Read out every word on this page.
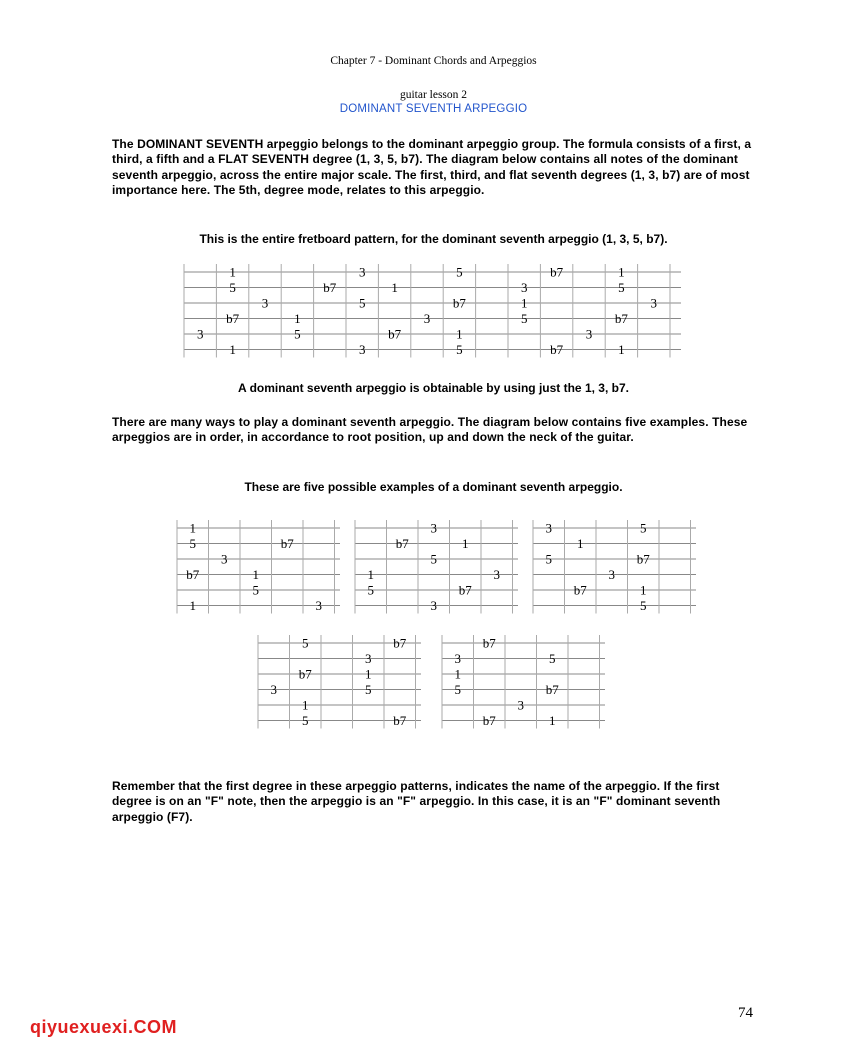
Chapter 7 - Dominant Chords and Arpeggios
guitar lesson 2
DOMINANT SEVENTH ARPEGGIO
The DOMINANT SEVENTH arpeggio belongs to the dominant arpeggio group. The formula consists of a first, a third, a fifth and a FLAT SEVENTH degree (1, 3, 5, b7). The diagram below contains all notes of the dominant seventh arpeggio, across the entire major scale. The first, third, and flat seventh degrees (1, 3, b7) are of most importance here. The 5th, degree mode, relates to this arpeggio.
This is the entire fretboard pattern, for the dominant seventh arpeggio (1, 3, 5, b7).
1	3	5	b7	1
5	b7	1	3	5
3	5	b7	1	3
b7	1	3	5	b7
3	5	b7	1	3
1	3	5	b7	1
A dominant seventh arpeggio is obtainable by using just the 1, 3, b7.
There are many ways to play a dominant seventh arpeggio. The diagram below contains five examples. These arpeggios are in order, in accordance to root position, up and down the neck of the guitar.
These are five possible examples of a dominant seventh arpeggio.
1
5	b7
3
b7	1
5
1	3
3
b7	1
5
1	3
5	b7
3
3	5
1
5	b7
3
b7	1
5
5	b7
3
b7	1
3	5
1
5	b7
b7
3	5
1
5	b7
3
b7	1
Remember that the first degree in these arpeggio patterns, indicates the name of the arpeggio. If the first degree is on an "F" note, then the arpeggio is an "F" arpeggio. In this case, it is an "F" dominant seventh arpeggio (F7).
74
qiyuexuexi.COM
